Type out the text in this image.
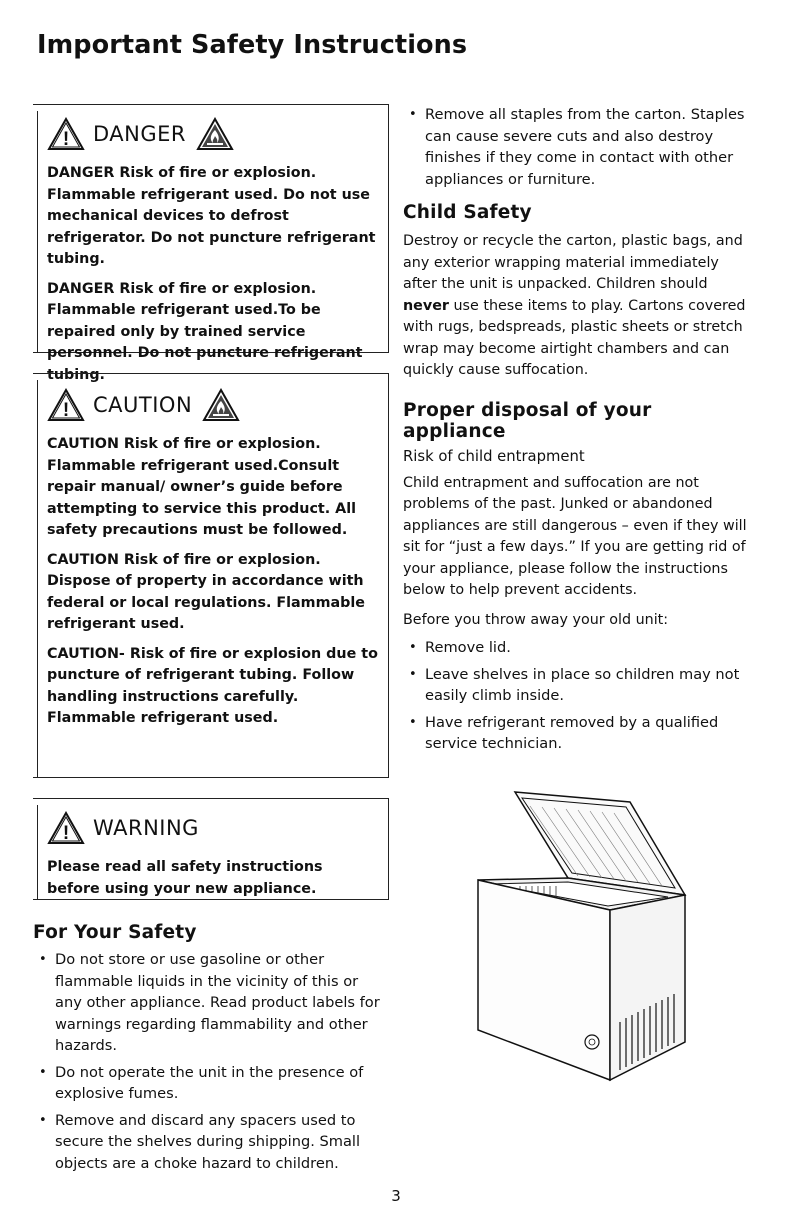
Important Safety Instructions
! DANGER

DANGER Risk of fire or explosion. Flammable refrigerant used. Do not use mechanical devices to defrost refrigerator. Do not puncture refrigerant tubing.

DANGER Risk of fire or explosion. Flammable refrigerant used.To be repaired only by trained service personnel. Do not puncture refrigerant tubing.

! CAUTION

CAUTION Risk of fire or explosion. Flammable refrigerant used.Consult repair manual/ owner’s guide before attempting to service this product. All safety precautions must be followed.

CAUTION Risk of fire or explosion. Dispose of property in accordance with federal or local regulations. Flammable refrigerant used.

CAUTION- Risk of fire or explosion due to puncture of refrigerant tubing. Follow handling instructions carefully. Flammable refrigerant used.

! WARNING

Please read all safety instructions before using your new appliance.

For Your Safety
• Do not store or use gasoline or other flammable liquids in the vicinity of this or any other appliance. Read product labels for warnings regarding flammability and other hazards.
• Do not operate the unit in the presence of explosive fumes.
• Remove and discard any spacers used to secure the shelves during shipping. Small objects are a choke hazard to children.
• Remove all staples from the carton. Staples can cause severe cuts and also destroy finishes if they come in contact with other appliances or furniture.
Child Safety

Destroy or recycle the carton, plastic bags, and any exterior wrapping material immediately after the unit is unpacked. Children should never use these items to play. Cartons covered with rugs, bedspreads, plastic sheets or stretch wrap may become airtight chambers and can quickly cause suffocation.

Proper disposal of your appliance

Risk of child entrapment

Child entrapment and suffocation are not problems of the past. Junked or abandoned appliances are still dangerous – even if they will sit for “just a few days.” If you are getting rid of your appliance, please follow the instructions below to help prevent accidents.

Before you throw away your old unit:

• Remove lid.
• Leave shelves in place so children may not easily climb inside.
• Have refrigerant removed by a qualified service technician.
3
